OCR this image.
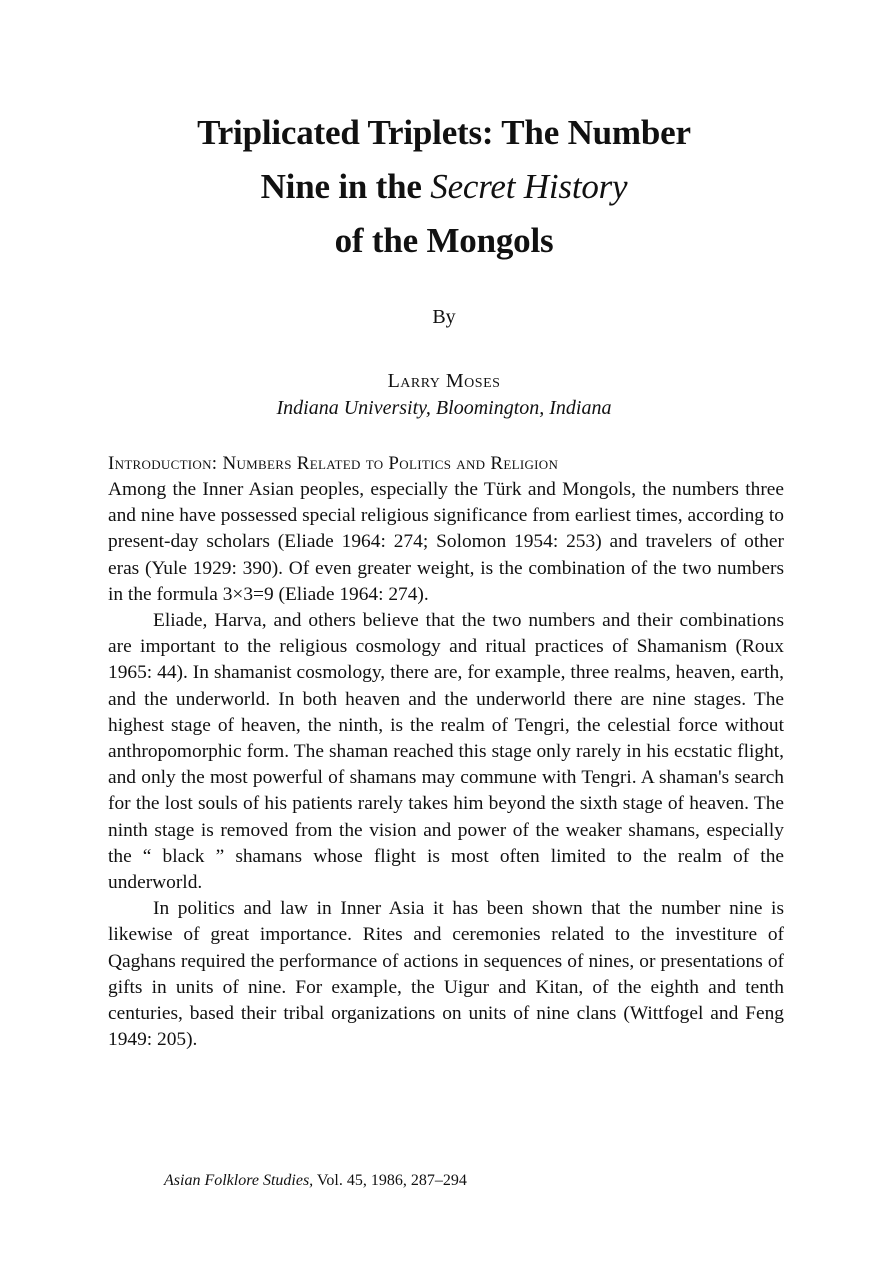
Triplicated Triplets: The Number
Nine in the Secret History
of the Mongols
By
Larry Moses
Indiana University, Bloomington, Indiana
Introduction: Numbers Related to Politics and Religion

Among the Inner Asian peoples, especially the Türk and Mongols, the numbers three and nine have possessed special religious significance from earliest times, according to present-day scholars (Eliade 1964: 274; Solomon 1954: 253) and travelers of other eras (Yule 1929: 390). Of even greater weight, is the combination of the two numbers in the formula 3×3=9 (Eliade 1964: 274).

Eliade, Harva, and others believe that the two numbers and their combinations are important to the religious cosmology and ritual practices of Shamanism (Roux 1965: 44). In shamanist cosmology, there are, for example, three realms, heaven, earth, and the underworld. In both heaven and the underworld there are nine stages. The highest stage of heaven, the ninth, is the realm of Tengri, the celestial force without anthropomorphic form. The shaman reached this stage only rarely in his ecstatic flight, and only the most powerful of shamans may commune with Tengri. A shaman's search for the lost souls of his patients rarely takes him beyond the sixth stage of heaven. The ninth stage is removed from the vision and power of the weaker shamans, especially the “ black ” shamans whose flight is most often limited to the realm of the underworld.

In politics and law in Inner Asia it has been shown that the number nine is likewise of great importance. Rites and ceremonies related to the investiture of Qaghans required the performance of actions in sequences of nines, or presentations of gifts in units of nine. For example, the Uigur and Kitan, of the eighth and tenth centuries, based their tribal organizations on units of nine clans (Wittfogel and Feng 1949: 205).

Asian Folklore Studies, Vol. 45, 1986, 287–294
